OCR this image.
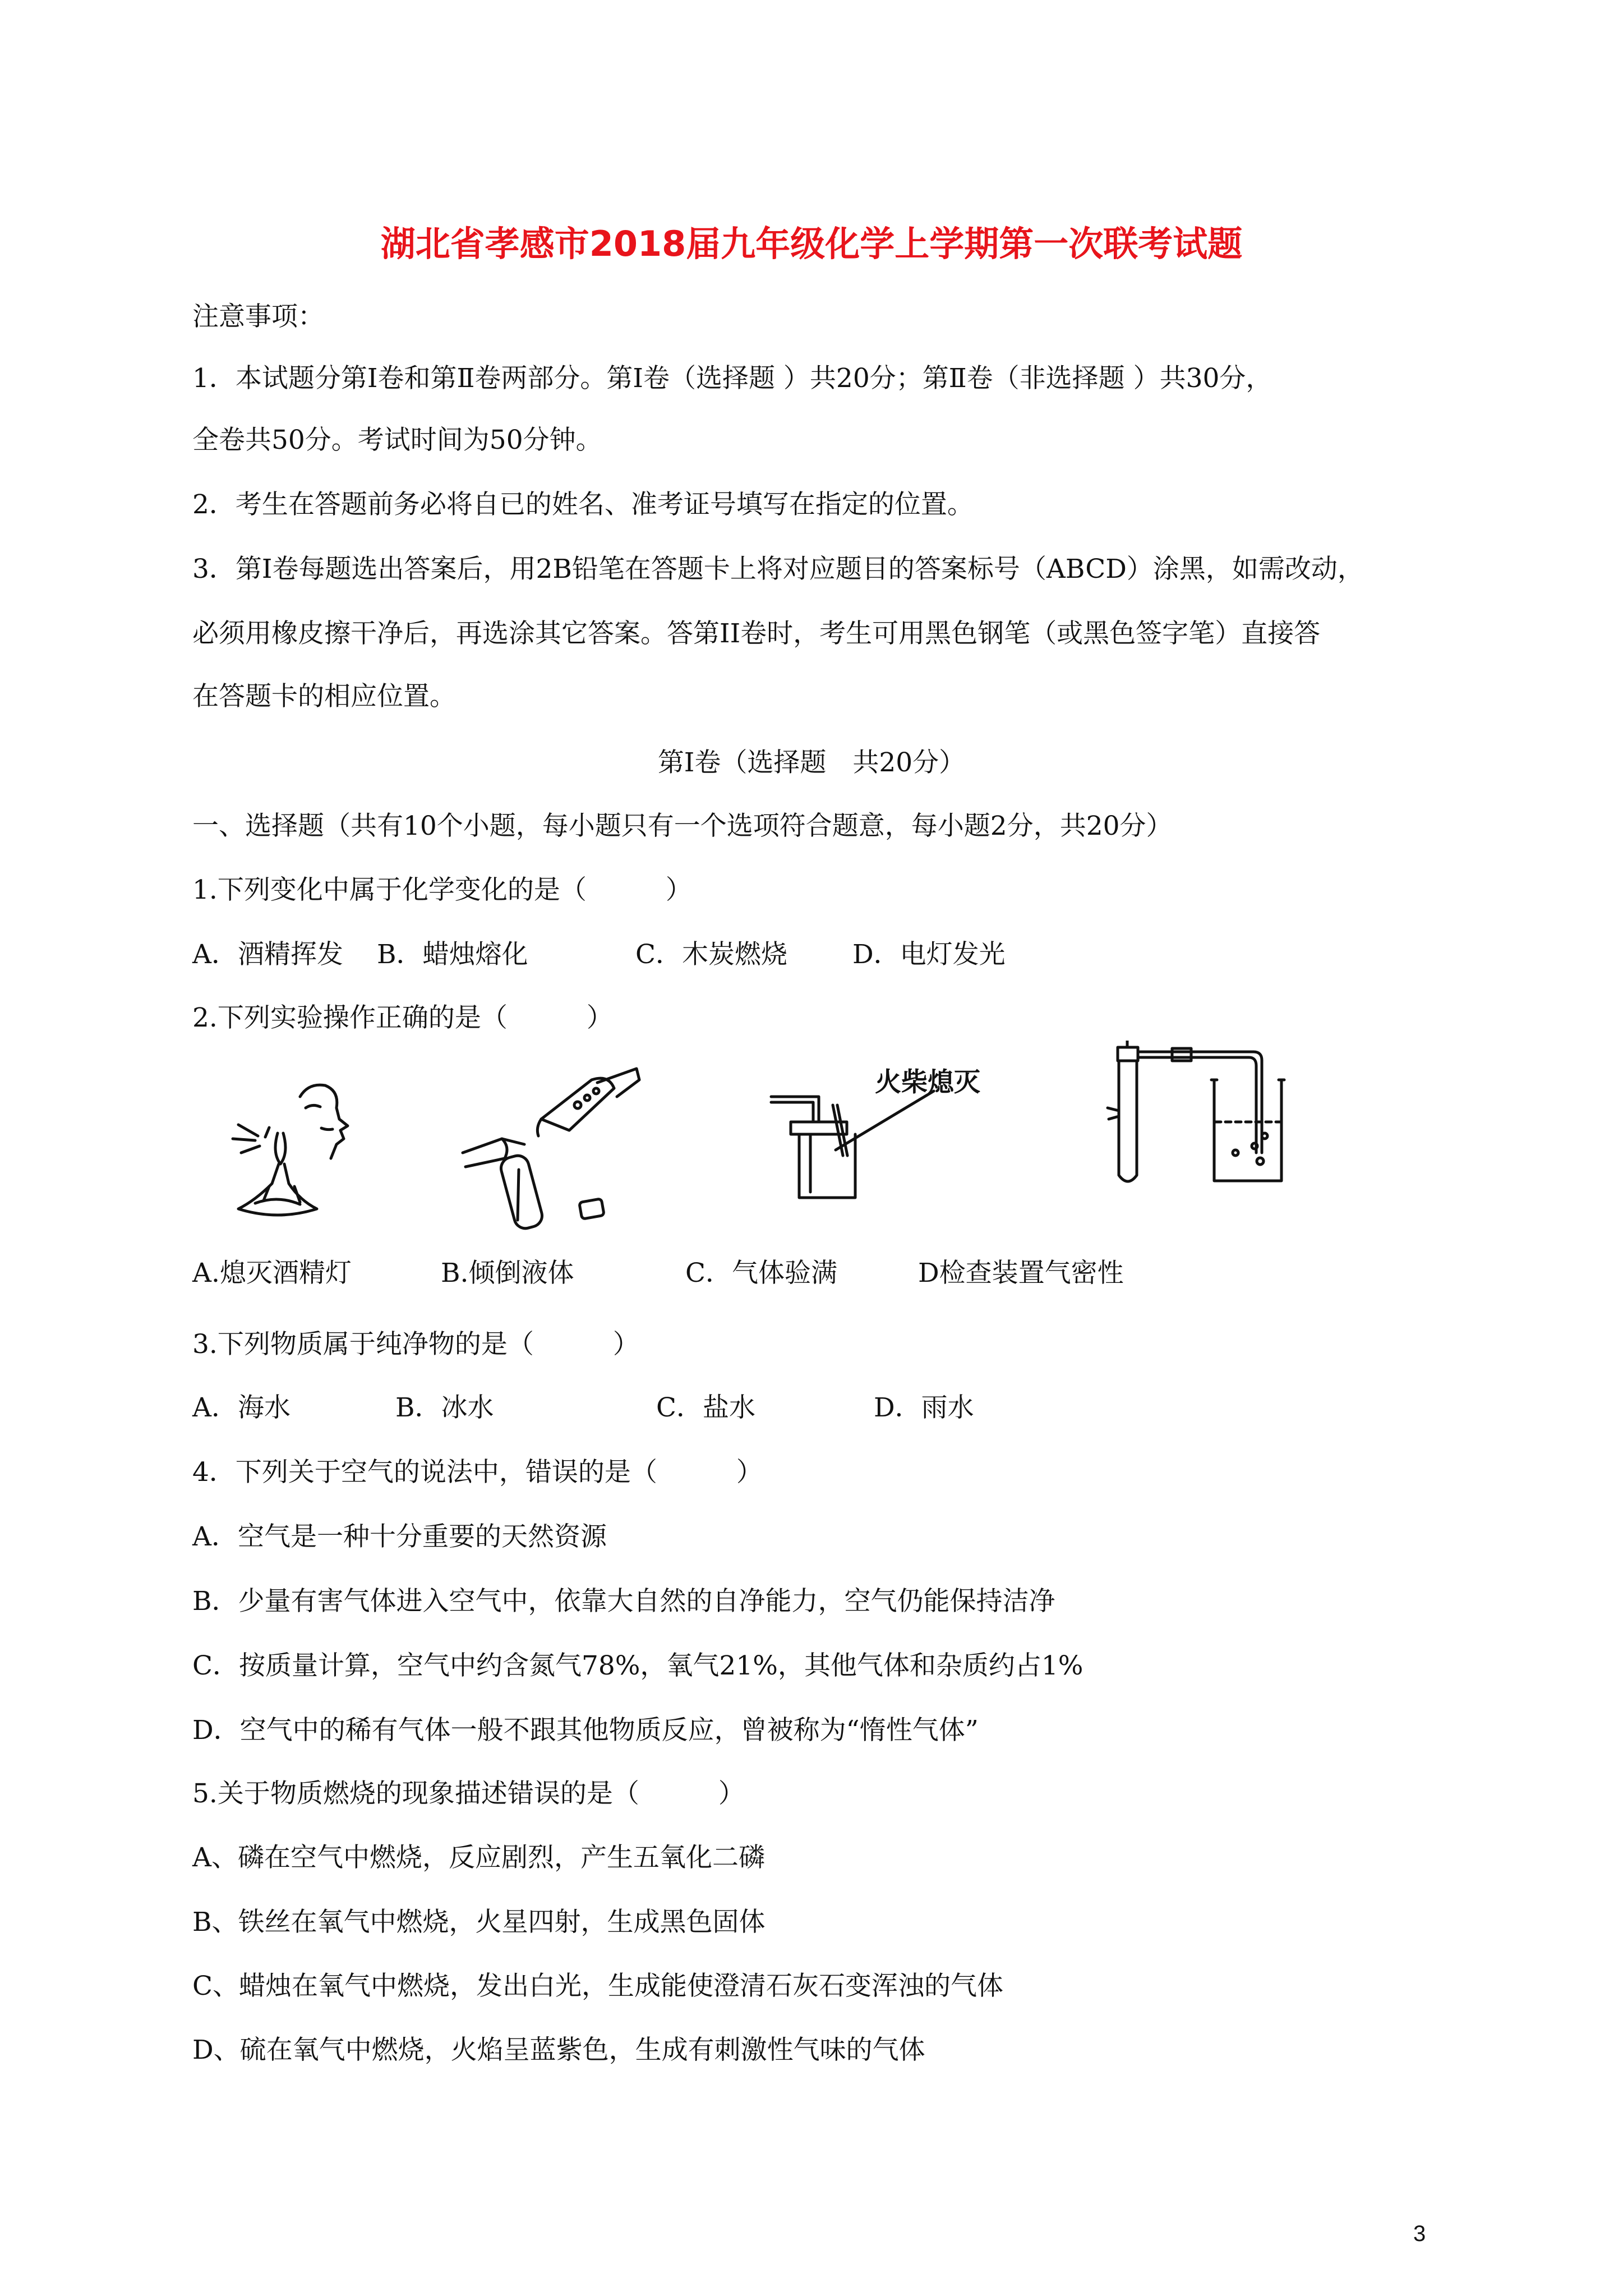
湖北省孝感市2018届九年级化学上学期第一次联考试题
注意事项：
1．本试题分第Ⅰ卷和第Ⅱ卷两部分。第Ⅰ卷（选择题 ）共20分；第Ⅱ卷（非选择题 ）共30分，
全卷共50分。考试时间为50分钟。
2．考生在答题前务必将自已的姓名、准考证号填写在指定的位置。
3．第Ⅰ卷每题选出答案后，用2B铅笔在答题卡上将对应题目的答案标号（ABCD）涂黑，如需改动，
必须用橡皮擦干净后，再选涂其它答案。答第II卷时，考生可用黑色钢笔（或黑色签字笔）直接答
在答题卡的相应位置。
第Ⅰ卷（选择题　共20分）
一、选择题（共有10个小题，每小题只有一个选项符合题意，每小题2分，共20分）
1.下列变化中属于化学变化的是（　　　）
A．酒精挥发 B．蜡烛熔化	C．木炭燃烧 D．电灯发光
2.下列实验操作正确的是（　　　）
火柴熄灭
A.熄灭酒精灯	B.倾倒液体	C．气体验满	D检查装置气密性
3.下列物质属于纯净物的是（　　　）
A．海水	B．冰水	C．盐水	D．雨水
4．下列关于空气的说法中，错误的是（　　　）
A．空气是一种十分重要的天然资源
B．少量有害气体进入空气中，依靠大自然的自净能力，空气仍能保持洁净
C．按质量计算，空气中约含氮气78%，氧气21%，其他气体和杂质约占1%
D．空气中的稀有气体一般不跟其他物质反应，曾被称为“惰性气体”
5.关于物质燃烧的现象描述错误的是（　　　）
A、磷在空气中燃烧，反应剧烈，产生五氧化二磷
B、铁丝在氧气中燃烧，火星四射，生成黑色固体
C、蜡烛在氧气中燃烧，发出白光，生成能使澄清石灰石变浑浊的气体
D、硫在氧气中燃烧，火焰呈蓝紫色，生成有刺激性气味的气体
3
